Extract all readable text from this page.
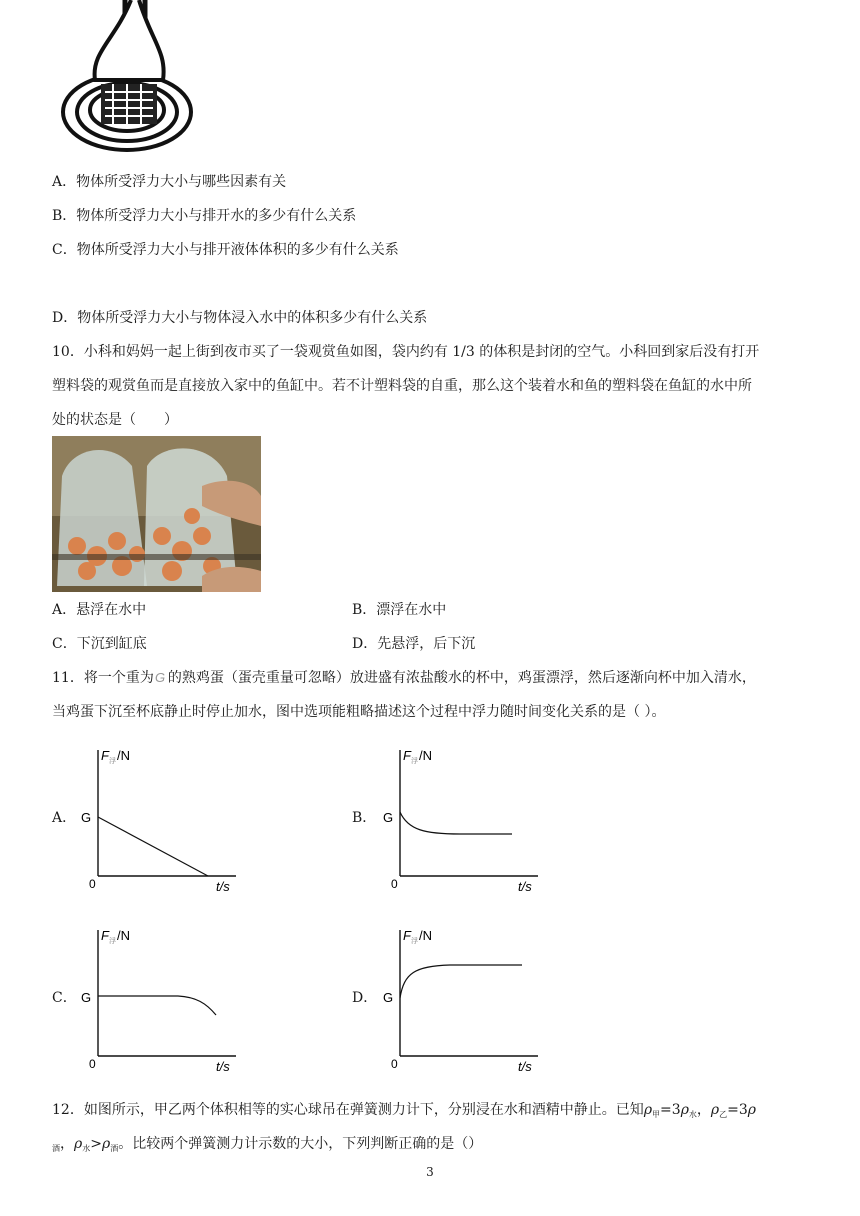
A．物体所受浮力大小与哪些因素有关
B．物体所受浮力大小与排开水的多少有什么关系
C．物体所受浮力大小与排开液体体积的多少有什么关系
D．物体所受浮力大小与物体浸入水中的体积多少有什么关系
10．小科和妈妈一起上街到夜市买了一袋观赏鱼如图，袋内约有 1/3 的体积是封闭的空气。小科回到家后没有打开
塑料袋的观赏鱼而是直接放入家中的鱼缸中。若不计塑料袋的自重，那么这个装着水和鱼的塑料袋在鱼缸的水中所
处的状态是（　　）
A．悬浮在水中	B．漂浮在水中
C．下沉到缸底	D．先悬浮，后下沉
11．将一个重为 G 的熟鸡蛋（蛋壳重量可忽略）放进盛有浓盐酸水的杯中，鸡蛋漂浮，然后逐渐向杯中加入清水，
当鸡蛋下沉至杯底静止时停止加水，图中选项能粗略描述这个过程中浮力随时间变化关系的是（ ）。
A．
F 浮 /N
G
0	t/s
B．
F 浮 /N
G
0	t/s
C．
F 浮 /N
G
0	t/s
D．
F 浮 /N
G
0	t/s
12．如图所示，甲乙两个体积相等的实心球吊在弹簧测力计下，分别浸在水和酒精中静止。已知$\rho_甲=3\rho_水$，$\rho_乙=3\rho$
$_酒$，$\rho_水>\rho_酒$。比较两个弹簧测力计示数的大小，下列判断正确的是（）
3
